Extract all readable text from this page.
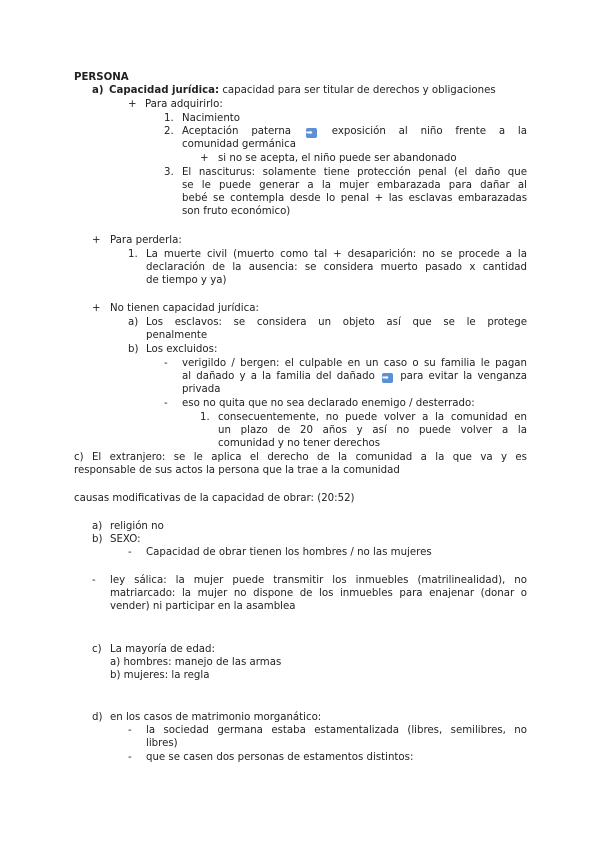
PERSONA
a) Capacidad jurídica: capacidad para ser titular de derechos y obligaciones
+ Para adquirirlo:
1. Nacimiento
2. Aceptación paterna ➡ exposición al niño frente a la
comunidad germánica
+ si no se acepta, el niño puede ser abandonado
3. El nasciturus: solamente tiene protección penal (el daño que
se le puede generar a la mujer embarazada para dañar al
bebé se contempla desde lo penal + las esclavas embarazadas
son fruto económico)
+ Para perderla:
1. La muerte civil (muerto como tal + desaparición: no se procede a la
declaración de la ausencia: se considera muerto pasado x cantidad
de tiempo y ya)
+ No tienen capacidad jurídica:
a) Los esclavos: se considera un objeto así que se le protege
penalmente
b) Los excluidos:
- verigildo / bergen: el culpable en un caso o su familia le pagan
al dañado y a la familia del dañado ➡ para evitar la venganza
privada
- eso no quita que no sea declarado enemigo / desterrado:
1. consecuentemente, no puede volver a la comunidad en
un plazo de 20 años y así no puede volver a la
comunidad y no tener derechos
c) El extranjero: se le aplica el derecho de la comunidad a la que va y es
responsable de sus actos la persona que la trae a la comunidad
causas modificativas de la capacidad de obrar: (20:52)
a) religión no
b) SEXO:
- Capacidad de obrar tienen los hombres / no las mujeres
- ley sálica: la mujer puede transmitir los inmuebles (matrilinealidad), no
matriarcado: la mujer no dispone de los inmuebles para enajenar (donar o
vender) ni participar en la asamblea
c) La mayoría de edad:
a) hombres: manejo de las armas
b) mujeres: la regla
d) en los casos de matrimonio morganático:
- la sociedad germana estaba estamentalizada (libres, semilibres, no
libres)
- que se casen dos personas de estamentos distintos:
